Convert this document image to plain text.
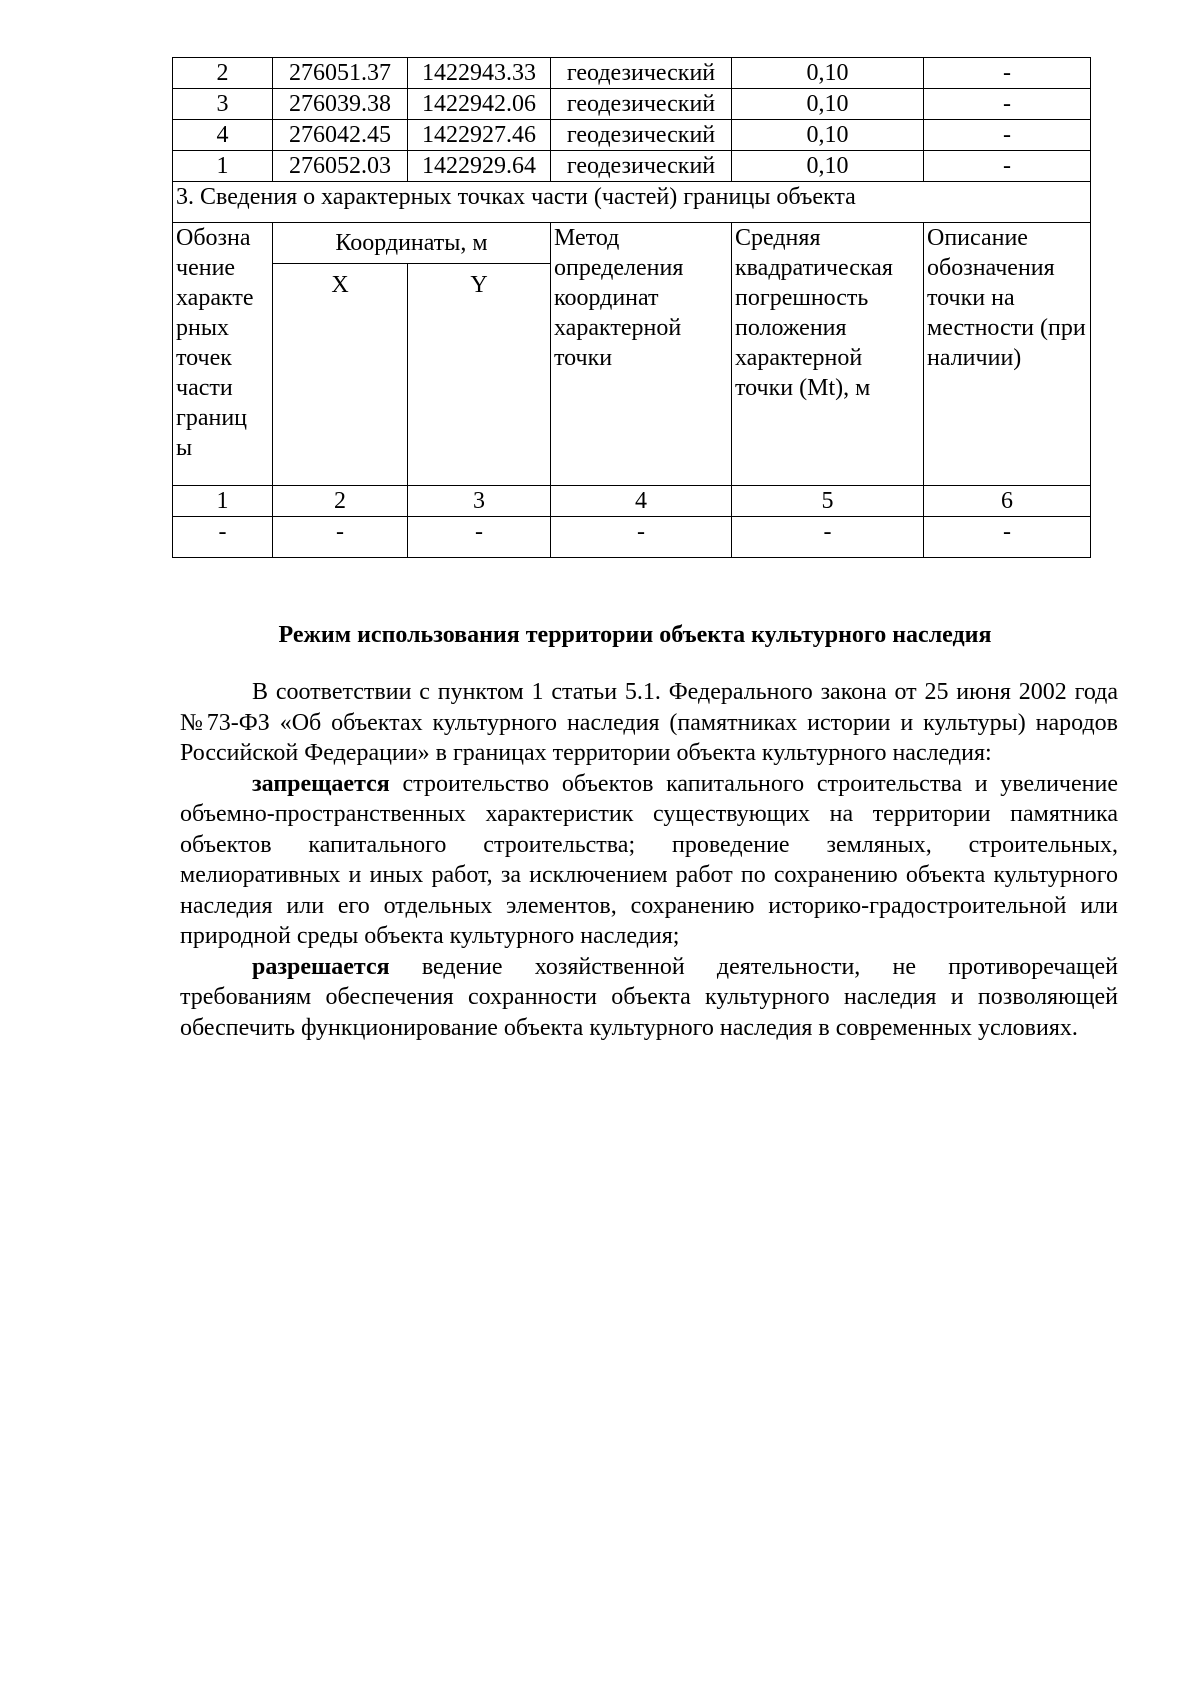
2	276051.37	1422943.33	геодезический	0,10	-
3	276039.38	1422942.06	геодезический	0,10	-
4	276042.45	1422927.46	геодезический	0,10	-
1	276052.03	1422929.64	геодезический	0,10	-
3. Сведения о характерных точках части (частей) границы объекта					
Обозна чение характе рных точек части границ ы	Координаты, м		Метод определения координат характерной точки	Средняя квадратическая погрешность положения характерной точки (Mt), м	Описание обозначения точки на местности (при наличии)
	X	Y			
1	2	3	4	5	6
-	-	-	-	-	-
Режим использования территории объекта культурного наследия

В соответствии с пунктом 1 статьи 5.1. Федерального закона от 25 июня 2002 года №73-ФЗ «Об объектах культурного наследия (памятниках истории и культуры) народов Российской Федерации» в границах территории объекта культурного наследия:

запрещается строительство объектов капитального строительства и увеличение объемно-пространственных характеристик существующих на территории памятника объектов капитального строительства; проведение земляных, строительных, мелиоративных и иных работ, за исключением работ по сохранению объекта культурного наследия или его отдельных элементов, сохранению историко-градостроительной или природной среды объекта культурного наследия;

разрешается ведение хозяйственной деятельности, не противоречащей требованиям обеспечения сохранности объекта культурного наследия и позволяющей обеспечить функционирование объекта культурного наследия в современных условиях.
